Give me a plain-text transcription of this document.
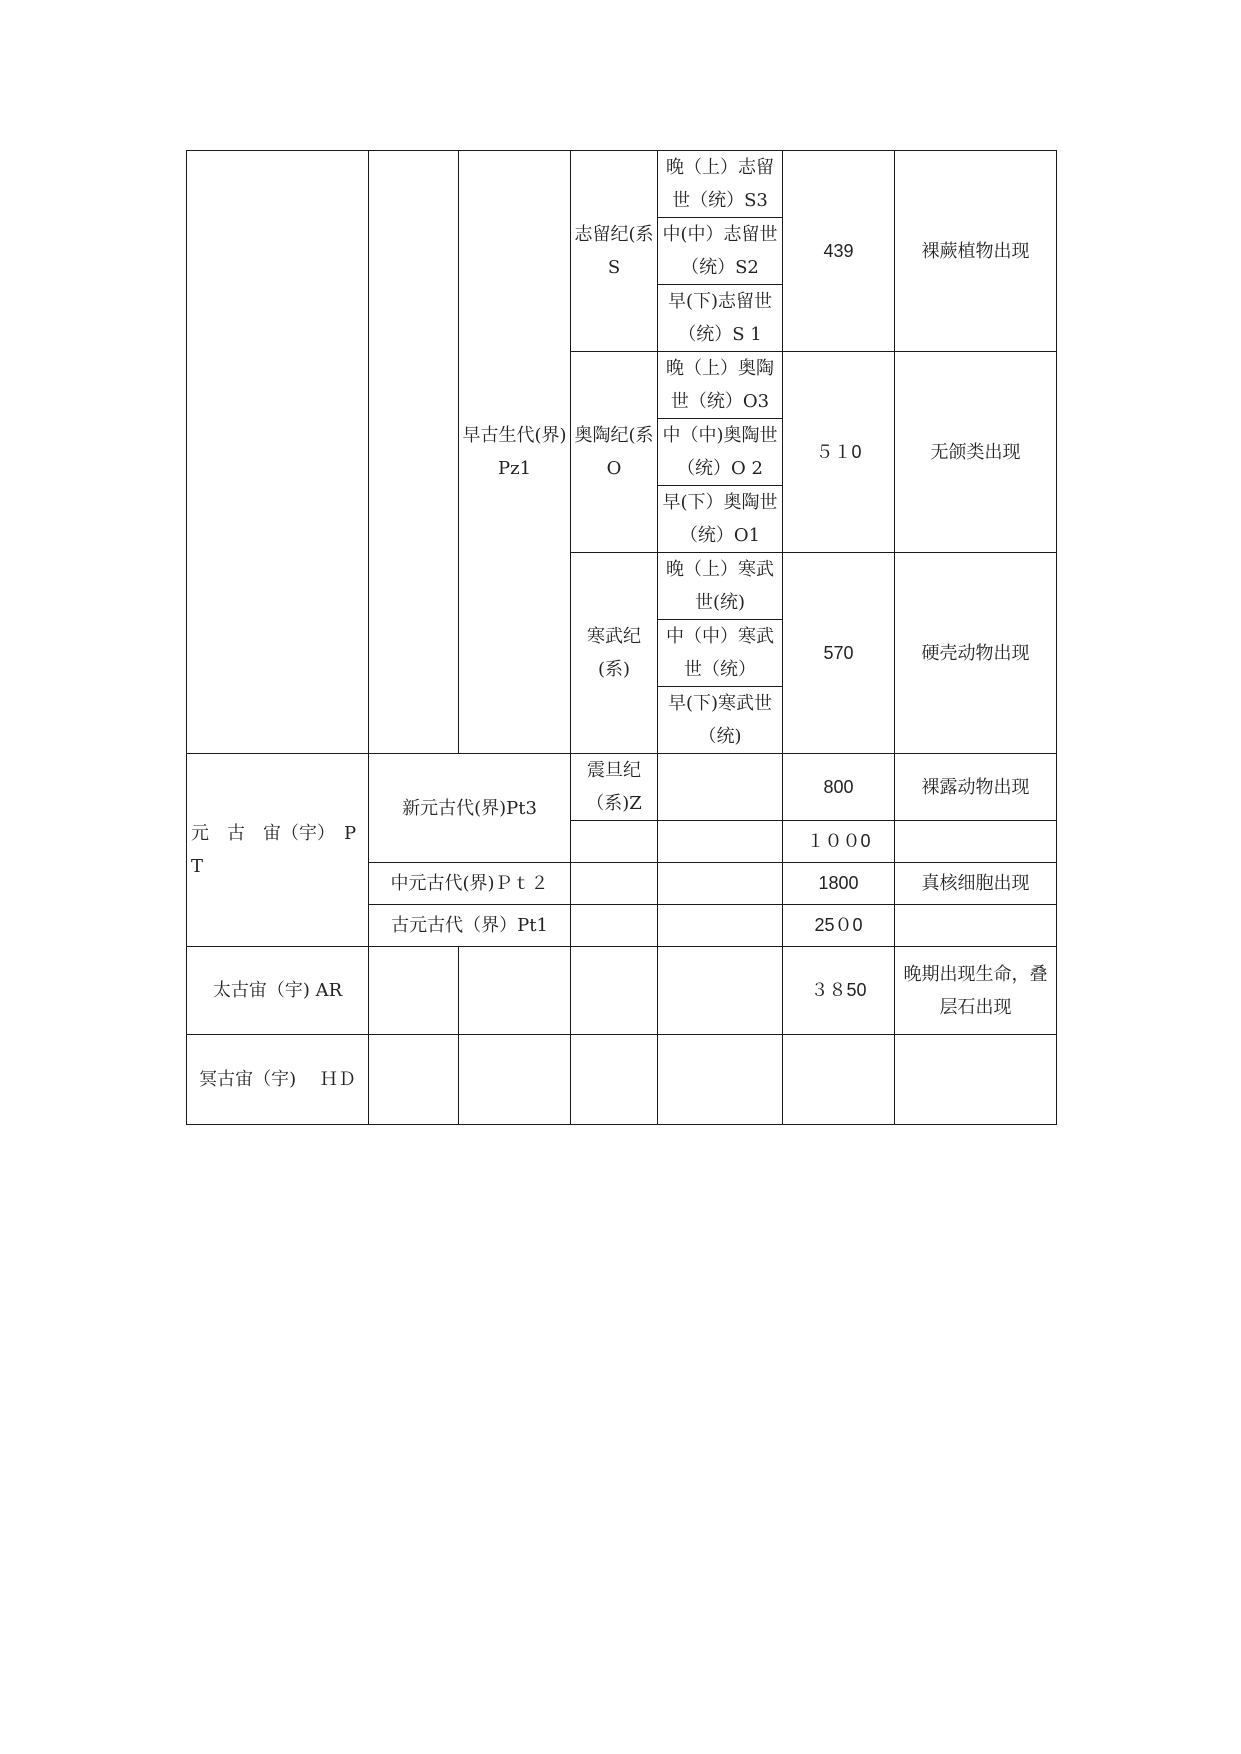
		早古生代(界)Pz1	志留纪(系S	晚（上）志留世（统）S3	439	裸蕨植物出现
				中(中）志留世（统）S2		
				早(下)志留世（统）S 1		
			奥陶纪(系O	晚（上）奥陶世（统）O3	５１0	无颌类出现
				中（中)奥陶世（统）O 2		
				早(下）奥陶世（统）O1		
			寒武纪(系)	晚（上）寒武世(统)	570	硬壳动物出现
				中（中）寒武世（统）		
				早(下)寒武世（统)		
元　古　宙（宇）　PT	新元古代(界)Pt3		震旦纪（系)Z		800	裸露动物出现
					１００0	
	中元古代(界)Ｐｔ２				1800	真核细胞出现
	古元古代（界）Pt1				25０0	
太古宙（宇) AR					３８50	晚期出现生命，叠层石出现
冥古宙（宇)　 ＨＤ						
